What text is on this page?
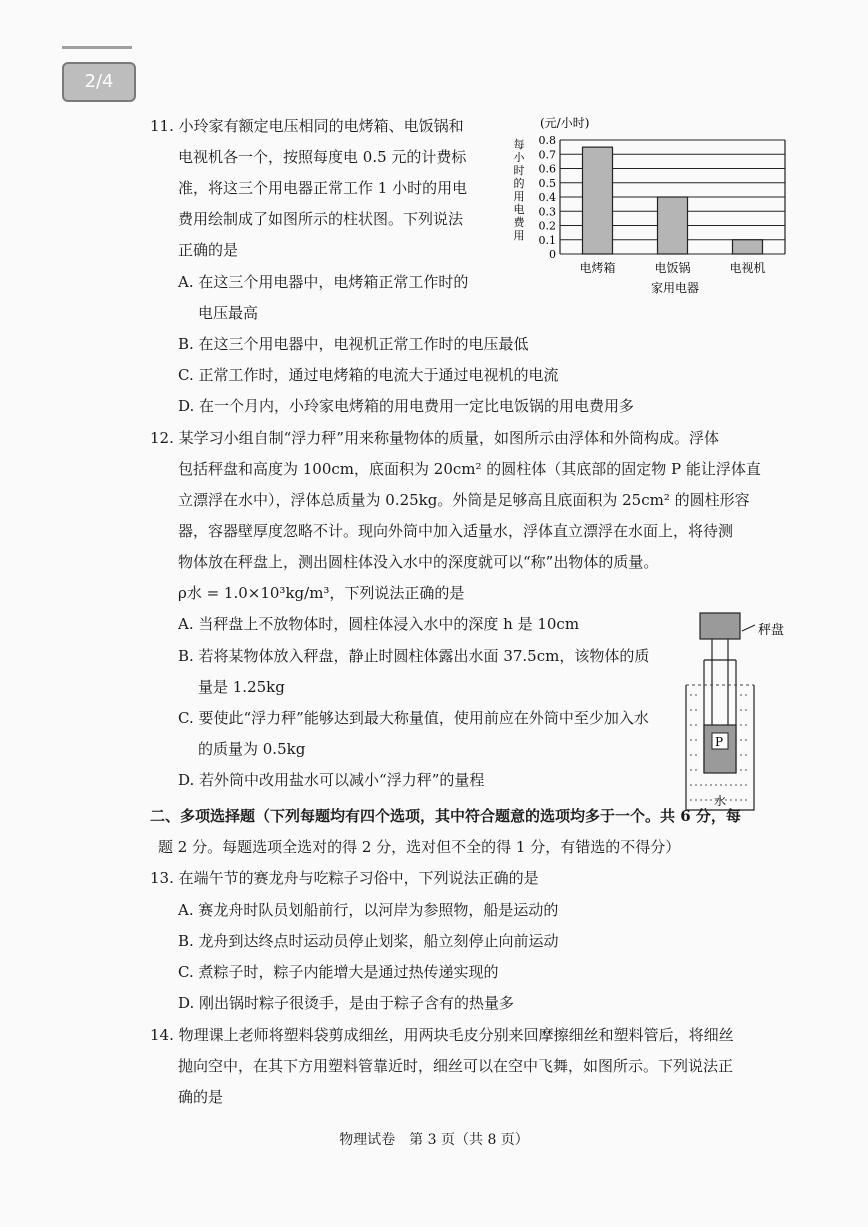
2/4
11. 小玲家有额定电压相同的电烤箱、电饭锅和
电视机各一个，按照每度电 0.5 元的计费标
准，将这三个用电器正常工作 1 小时的用电
费用绘制成了如图所示的柱状图。下列说法
正确的是
A. 在这三个用电器中，电烤箱正常工作时的
电压最高
B. 在这三个用电器中，电视机正常工作时的电压最低
C. 正常工作时，通过电烤箱的电流大于通过电视机的电流
D. 在一个月内，小玲家电烤箱的用电费用一定比电饭锅的用电费用多
(元/小时)
每小时的用电费用
0
0.1
0.2
0.3
0.4
0.5
0.6
0.7
0.8
电烤箱	电饭锅	电视机
家用电器
12. 某学习小组自制“浮力秤”用来称量物体的质量，如图所示由浮体和外筒构成。浮体
包括秤盘和高度为 100cm，底面积为 20cm² 的圆柱体（其底部的固定物 P 能让浮体直
立漂浮在水中），浮体总质量为 0.25kg。外筒是足够高且底面积为 25cm² 的圆柱形容
器，容器壁厚度忽略不计。现向外筒中加入适量水，浮体直立漂浮在水面上，将待测
物体放在秤盘上，测出圆柱体没入水中的深度就可以“称”出物体的质量。
ρ水 = 1.0×10³kg/m³，下列说法正确的是
A. 当秤盘上不放物体时，圆柱体浸入水中的深度 h 是 10cm
B. 若将某物体放入秤盘，静止时圆柱体露出水面 37.5cm，该物体的质
量是 1.25kg
C. 要使此“浮力秤”能够达到最大称量值，使用前应在外筒中至少加入水
的质量为 0.5kg
D. 若外筒中改用盐水可以减小“浮力秤”的量程
秤盘
P
水
二、多项选择题（下列每题均有四个选项，其中符合题意的选项均多于一个。共 6 分，每
题 2 分。每题选项全选对的得 2 分，选对但不全的得 1 分，有错选的不得分）
13. 在端午节的赛龙舟与吃粽子习俗中，下列说法正确的是
A. 赛龙舟时队员划船前行，以河岸为参照物，船是运动的
B. 龙舟到达终点时运动员停止划桨，船立刻停止向前运动
C. 煮粽子时，粽子内能增大是通过热传递实现的
D. 刚出锅时粽子很烫手，是由于粽子含有的热量多
14. 物理课上老师将塑料袋剪成细丝，用两块毛皮分别来回摩擦细丝和塑料管后，将细丝
抛向空中，在其下方用塑料管靠近时，细丝可以在空中飞舞，如图所示。下列说法正
确的是
物理试卷　第 3 页（共 8 页）
